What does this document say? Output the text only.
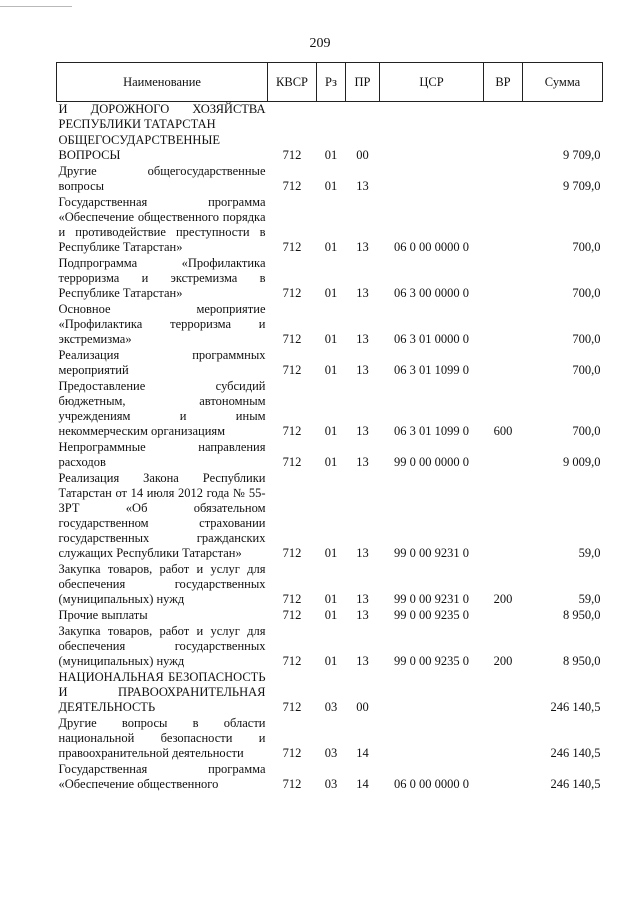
209
Наименование	КВСР	Рз	ПР	ЦСР	ВР	Сумма
И ДОРОЖНОГО ХОЗЯЙСТВА РЕСПУБЛИКИ ТАТАРСТАН						
ОБЩЕГОСУДАРСТВЕННЫЕ ВОПРОСЫ	712	01	00			9 709,0
Другие общегосударственные вопросы	712	01	13			9 709,0
Государственная программа «Обеспечение общественного порядка и противодействие преступности в Республике Татарстан»	712	01	13	06 0 00 0000 0		700,0
Подпрограмма «Профилактика терроризма и экстремизма в Республике Татарстан»	712	01	13	06 3 00 0000 0		700,0
Основное мероприятие «Профилактика терроризма и экстремизма»	712	01	13	06 3 01 0000 0		700,0
Реализация программных мероприятий	712	01	13	06 3 01 1099 0		700,0
Предоставление субсидий бюджетным, автономным учреждениям и иным некоммерческим организациям	712	01	13	06 3 01 1099 0	600	700,0
Непрограммные направления расходов	712	01	13	99 0 00 0000 0		9 009,0
Реализация Закона Республики Татарстан от 14 июля 2012 года № 55-ЗРТ «Об обязательном государственном страховании государственных гражданских служащих Республики Татарстан»	712	01	13	99 0 00 9231 0		59,0
Закупка товаров, работ и услуг для обеспечения государственных (муниципальных) нужд	712	01	13	99 0 00 9231 0	200	59,0
Прочие выплаты	712	01	13	99 0 00 9235 0		8 950,0
Закупка товаров, работ и услуг для обеспечения государственных (муниципальных) нужд	712	01	13	99 0 00 9235 0	200	8 950,0
НАЦИОНАЛЬНАЯ БЕЗОПАСНОСТЬ И ПРАВООХРАНИТЕЛЬНАЯ ДЕЯТЕЛЬНОСТЬ	712	03	00			246 140,5
Другие вопросы в области национальной безопасности и правоохранительной деятельности	712	03	14			246 140,5
Государственная программа «Обеспечение общественного	712	03	14	06 0 00 0000 0		246 140,5
